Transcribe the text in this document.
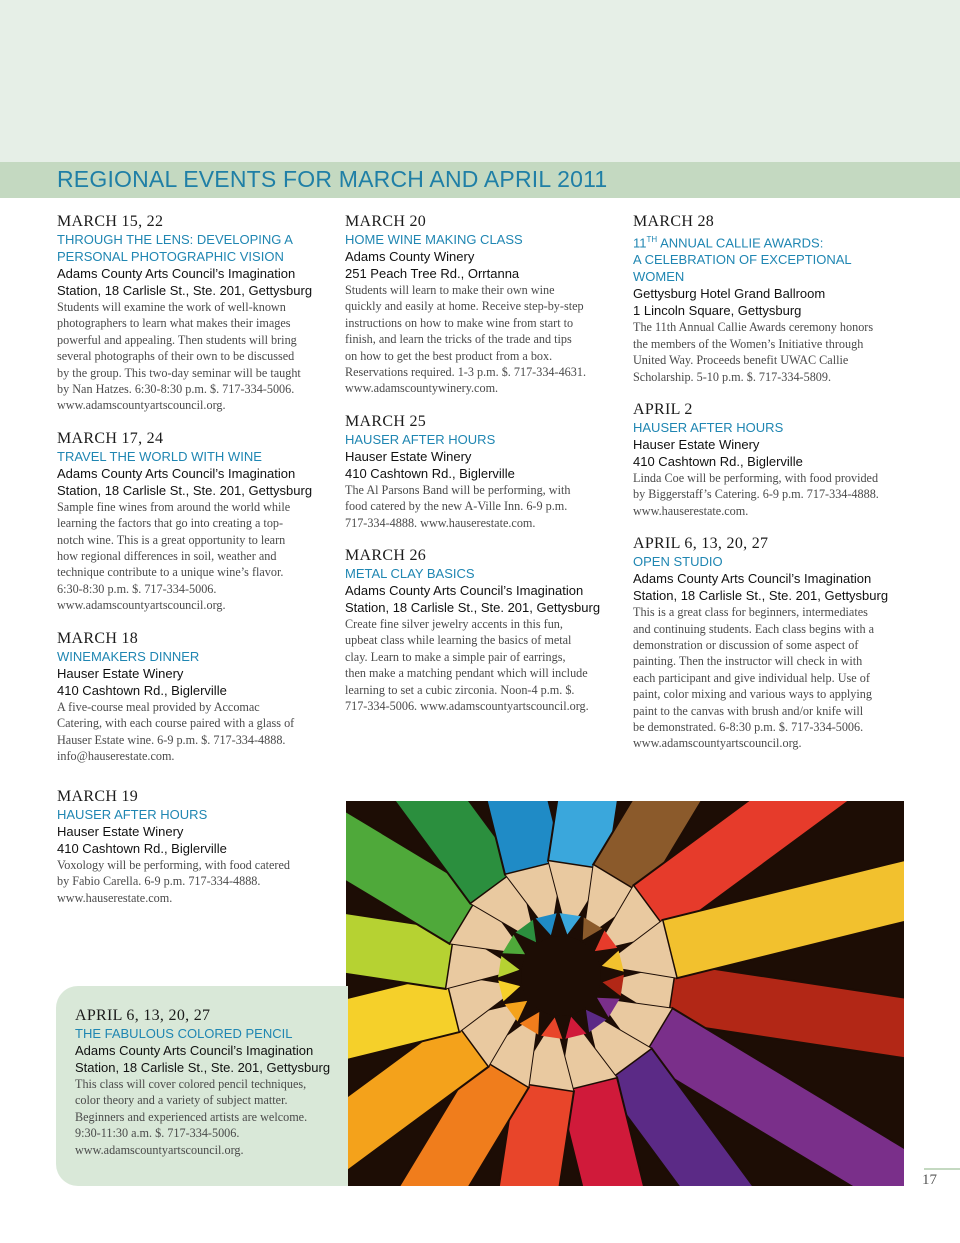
REGIONAL EVENTS FOR MARCH AND APRIL 2011
MARCH 15, 22
THROUGH THE LENS: DEVELOPING A
PERSONAL PHOTOGRAPHIC VISION
Adams County Arts Council’s Imagination
Station, 18 Carlisle St., Ste. 201, Gettysburg
Students will examine the work of well-known
photographers to learn what makes their images
powerful and appealing. Then students will bring
several photographs of their own to be discussed
by the group. This two-day seminar will be taught
by Nan Hatzes. 6:30-8:30 p.m. $. 717-334-5006.
www.adamscountyartscouncil.org.
MARCH 17, 24
TRAVEL THE WORLD WITH WINE
Adams County Arts Council’s Imagination
Station, 18 Carlisle St., Ste. 201, Gettysburg
Sample fine wines from around the world while
learning the factors that go into creating a top-
notch wine. This is a great opportunity to learn
how regional differences in soil, weather and
technique contribute to a unique wine’s flavor.
6:30-8:30 p.m. $. 717-334-5006.
www.adamscountyartscouncil.org.
MARCH 18
WINEMAKERS DINNER
Hauser Estate Winery
410 Cashtown Rd., Biglerville
A five-course meal provided by Accomac
Catering, with each course paired with a glass of
Hauser Estate wine. 6-9 p.m. $. 717-334-4888.
info@hauserestate.com.
MARCH 20
HOME WINE MAKING CLASS
Adams County Winery
251 Peach Tree Rd., Orrtanna
Students will learn to make their own wine
quickly and easily at home. Receive step-by-step
instructions on how to make wine from start to
finish, and learn the tricks of the trade and tips
on how to get the best product from a box.
Reservations required. 1-3 p.m. $. 717-334-4631.
www.adamscountywinery.com.
MARCH 25
HAUSER AFTER HOURS
Hauser Estate Winery
410 Cashtown Rd., Biglerville
The Al Parsons Band will be performing, with
food catered by the new A-Ville Inn. 6-9 p.m.
717-334-4888. www.hauserestate.com.
MARCH 26
METAL CLAY BASICS
Adams County Arts Council’s Imagination
Station, 18 Carlisle St., Ste. 201, Gettysburg
Create fine silver jewelry accents in this fun,
upbeat class while learning the basics of metal
clay. Learn to make a simple pair of earrings,
then make a matching pendant which will include
learning to set a cubic zirconia. Noon-4 p.m. $.
717-334-5006. www.adamscountyartscouncil.org.
MARCH 28
11TH ANNUAL CALLIE AWARDS:
A CELEBRATION OF EXCEPTIONAL WOMEN
Gettysburg Hotel Grand Ballroom
1 Lincoln Square, Gettysburg
The 11th Annual Callie Awards ceremony honors
the members of the Women’s Initiative through
United Way. Proceeds benefit UWAC Callie
Scholarship. 5-10 p.m. $. 717-334-5809.
APRIL 2
HAUSER AFTER HOURS
Hauser Estate Winery
410 Cashtown Rd., Biglerville
Linda Coe will be performing, with food provided
by Biggerstaff’s Catering. 6-9 p.m. 717-334-4888.
www.hauserestate.com.
APRIL 6, 13, 20, 27
OPEN STUDIO
Adams County Arts Council’s Imagination
Station, 18 Carlisle St., Ste. 201, Gettysburg
This is a great class for beginners, intermediates
and continuing students. Each class begins with a
demonstration or discussion of some aspect of
painting. Then the instructor will check in with
each participant and give individual help. Use of
paint, color mixing and various ways to applying
paint to the canvas with brush and/or knife will
be demonstrated. 6-8:30 p.m. $. 717-334-5006.
www.adamscountyartscouncil.org.
MARCH 19
HAUSER AFTER HOURS
Hauser Estate Winery
410 Cashtown Rd., Biglerville
Voxology will be performing, with food catered
by Fabio Carella. 6-9 p.m. 717-334-4888.
www.hauserestate.com.
APRIL 6, 13, 20, 27
THE FABULOUS COLORED PENCIL
Adams County Arts Council’s Imagination
Station, 18 Carlisle St., Ste. 201, Gettysburg
This class will cover colored pencil techniques,
color theory and a variety of subject matter.
Beginners and experienced artists are welcome.
9:30-11:30 a.m. $. 717-334-5006.
www.adamscountyartscouncil.org.
17
